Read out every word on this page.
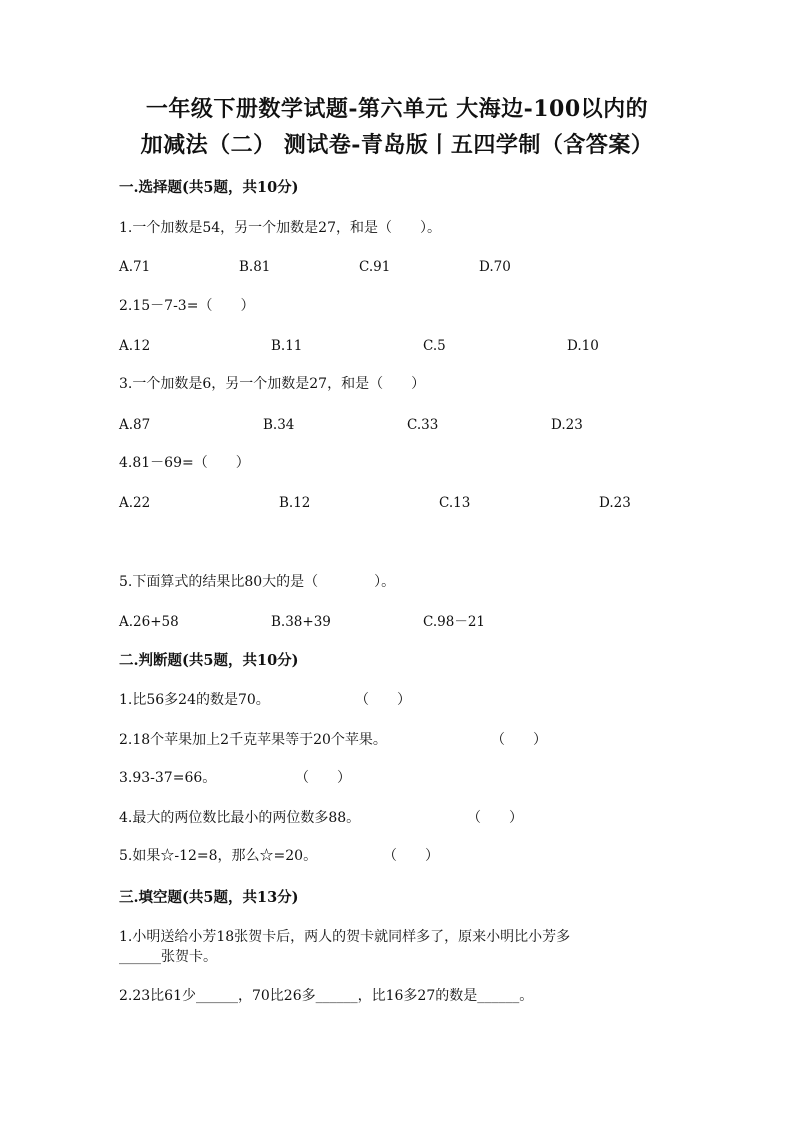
一年级下册数学试题-第六单元 大海边-100以内的
加减法（二） 测试卷-青岛版丨五四学制（含答案）
一.选择题(共5题，共10分)
1.一个加数是54，另一个加数是27，和是（　　）。
A.71	B.81	C.91	D.70
2.15－7-3=（　　）
A.12	B.11	C.5	D.10
3.一个加数是6，另一个加数是27，和是（　　）
A.87	B.34	C.33	D.23
4.81－69=（　　）
A.22	B.12	C.13	D.23
5.下面算式的结果比80大的是（　　　　）。
A.26+58	B.38+39	C.98－21
二.判断题(共5题，共10分)
1.比56多24的数是70。	（　　）
2.18个苹果加上2千克苹果等于20个苹果。	（　　）
3.93-37=66。	（　　）
4.最大的两位数比最小的两位数多88。	（　　）
5.如果☆-12=8，那么☆=20。	（　　）
三.填空题(共5题，共13分)
1.小明送给小芳18张贺卡后，两人的贺卡就同样多了，原来小明比小芳多
______张贺卡。
2.23比61少______，70比26多______，比16多27的数是______。
